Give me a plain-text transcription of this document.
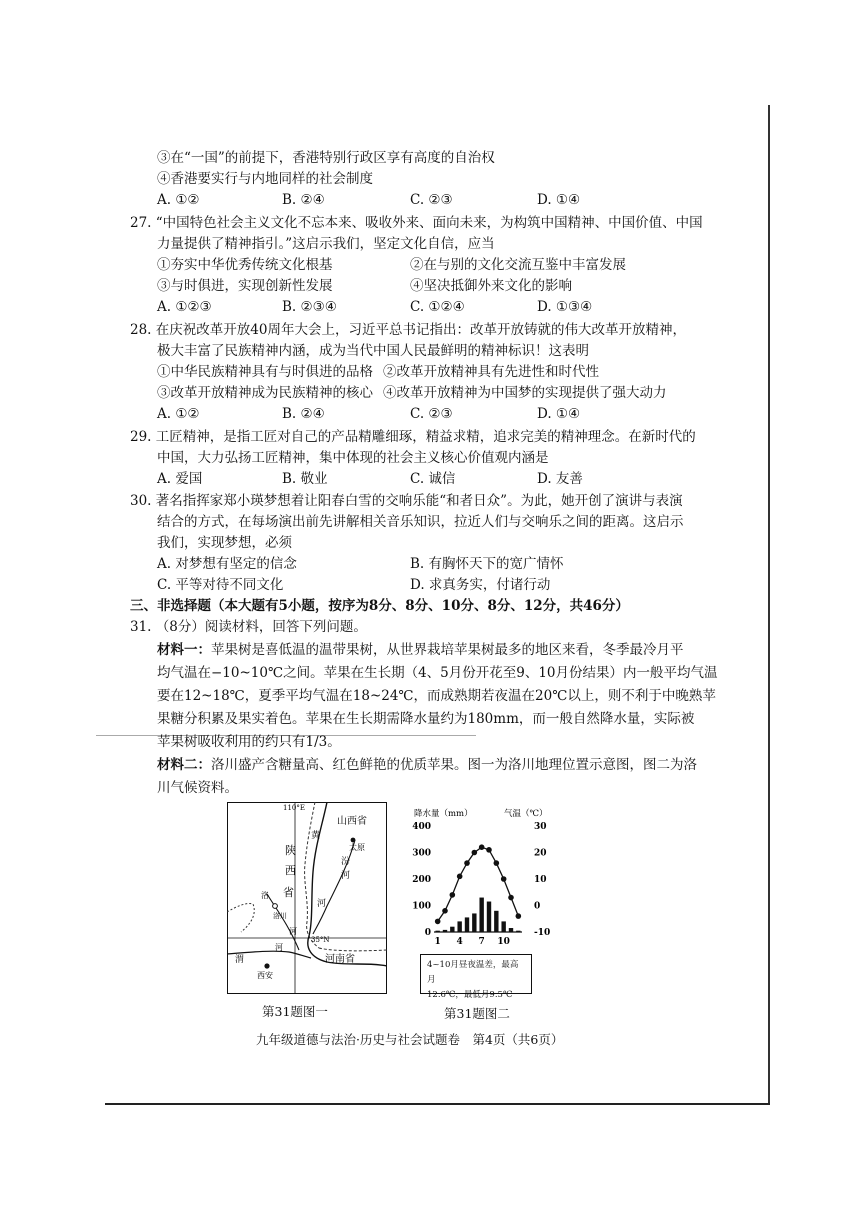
③在“一国”的前提下，香港特别行政区享有高度的自治权
④香港要实行与内地同样的社会制度
A. ①②	B. ②④	C. ②③	D. ①④
27. “中国特色社会主义文化不忘本来、吸收外来、面向未来，为构筑中国精神、中国价值、中国
力量提供了精神指引。”这启示我们，坚定文化自信，应当
①夯实中华优秀传统文化根基	②在与别的文化交流互鉴中丰富发展
③与时俱进，实现创新性发展	④坚决抵御外来文化的影响
A. ①②③	B. ②③④	C. ①②④	D. ①③④
28. 在庆祝改革开放40周年大会上，习近平总书记指出：改革开放铸就的伟大改革开放精神，
极大丰富了民族精神内涵，成为当代中国人民最鲜明的精神标识！这表明
①中华民族精神具有与时俱进的品格 ②改革开放精神具有先进性和时代性
③改革开放精神成为民族精神的核心 ④改革开放精神为中国梦的实现提供了强大动力
A. ①②	B. ②④	C. ②③	D. ①④
29. 工匠精神，是指工匠对自己的产品精雕细琢，精益求精，追求完美的精神理念。在新时代的
中国，大力弘扬工匠精神，集中体现的社会主义核心价值观内涵是
A. 爱国	B. 敬业	C. 诚信	D. 友善
30. 著名指挥家郑小瑛梦想着让阳春白雪的交响乐能“和者日众”。为此，她开创了演讲与表演
结合的方式，在每场演出前先讲解相关音乐知识，拉近人们与交响乐之间的距离。这启示
我们，实现梦想，必须
A. 对梦想有坚定的信念	B. 有胸怀天下的宽广情怀
C. 平等对待不同文化	D. 求真务实，付诸行动
三、非选择题（本大题有5小题，按序为8分、8分、10分、8分、12分，共46分）
31. （8分）阅读材料，回答下列问题。
材料一：苹果树是喜低温的温带果树，从世界栽培苹果树最多的地区来看，冬季最冷月平
均气温在−10~10℃之间。苹果在生长期（4、5月份开花至9、10月份结果）内一般平均气温
要在12~18℃，夏季平均气温在18~24℃，而成熟期若夜温在20℃以上，则不利于中晚熟苹
果糖分积累及果实着色。苹果在生长期需降水量约为180mm，而一般自然降水量，实际被
苹果树吸收利用的约只有1/3。
材料二：洛川盛产含糖量高、红色鲜艳的优质苹果。图一为洛川地理位置示意图，图二为洛
川气候资料。
110°E
35°N
山西省
太原
汾
河
黄
河
陕
西
省
洛
洛川
河
河
渭
西安
河南省
第31题图一
降水量（mm）	气温（℃）
400
300
200
100
0
30
20
10
0
-10
1 4 7 10
4~10月昼夜温差，最高月
12.6℃，最低月9.5℃
第31题图二
九年级道德与法治·历史与社会试题卷　第4页（共6页）
